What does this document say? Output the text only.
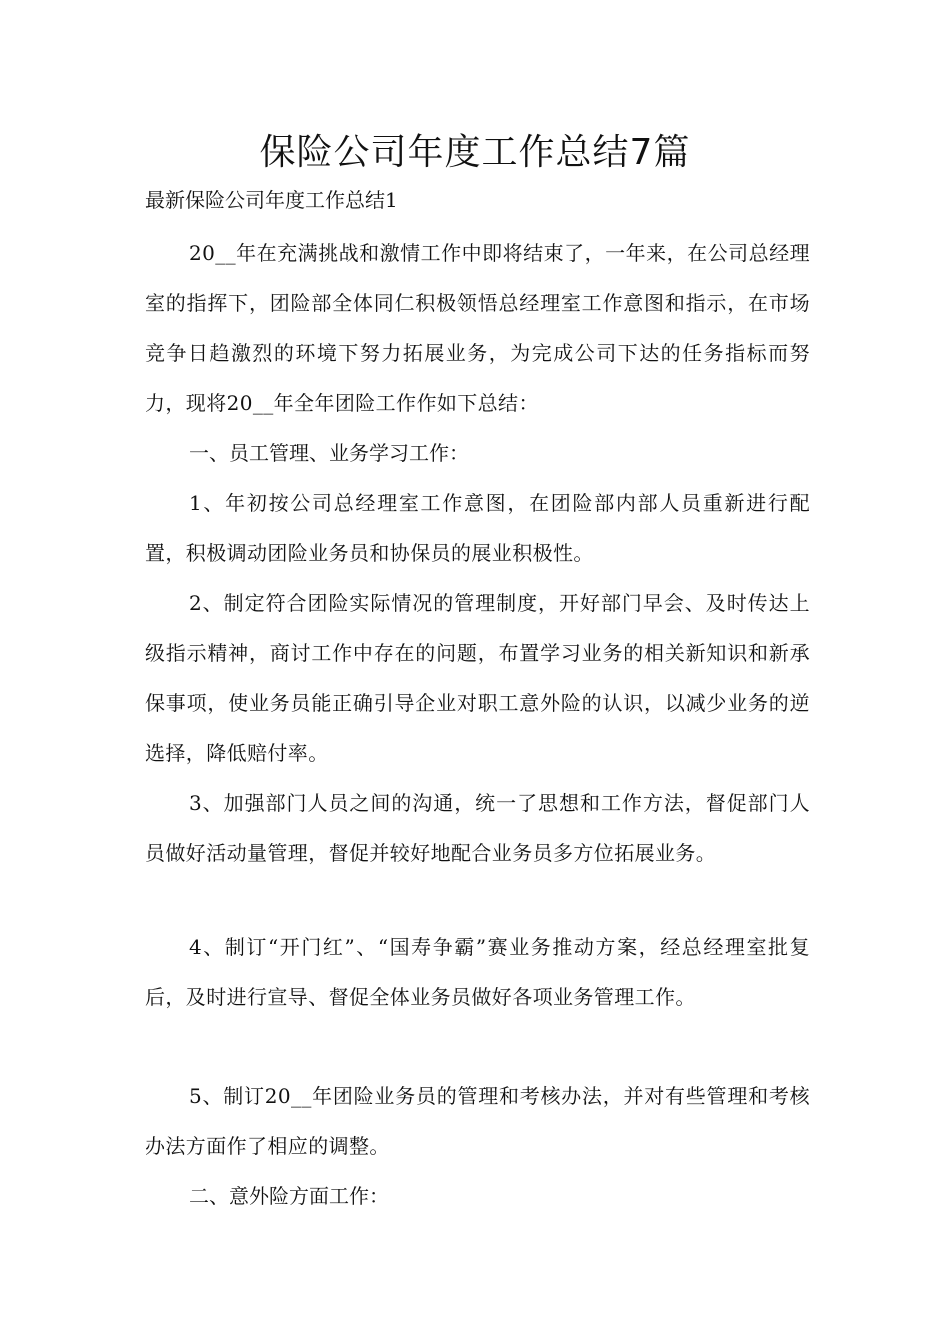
保险公司年度工作总结7篇

最新保险公司年度工作总结1

20__年在充满挑战和激情工作中即将结束了，一年来，在公司总经理室的指挥下，团险部全体同仁积极领悟总经理室工作意图和指示，在市场竞争日趋激烈的环境下努力拓展业务，为完成公司下达的任务指标而努力，现将20__年全年团险工作作如下总结：

一、员工管理、业务学习工作：

1、年初按公司总经理室工作意图，在团险部内部人员重新进行配置，积极调动团险业务员和协保员的展业积极性。

2、制定符合团险实际情况的管理制度，开好部门早会、及时传达上级指示精神，商讨工作中存在的问题，布置学习业务的相关新知识和新承保事项，使业务员能正确引导企业对职工意外险的认识，以减少业务的逆选择，降低赔付率。

3、加强部门人员之间的沟通，统一了思想和工作方法，督促部门人员做好活动量管理，督促并较好地配合业务员多方位拓展业务。

4、制订“开门红”、“国寿争霸”赛业务推动方案，经总经理室批复后，及时进行宣导、督促全体业务员做好各项业务管理工作。

5、制订20__年团险业务员的管理和考核办法，并对有些管理和考核办法方面作了相应的调整。

二、意外险方面工作：
